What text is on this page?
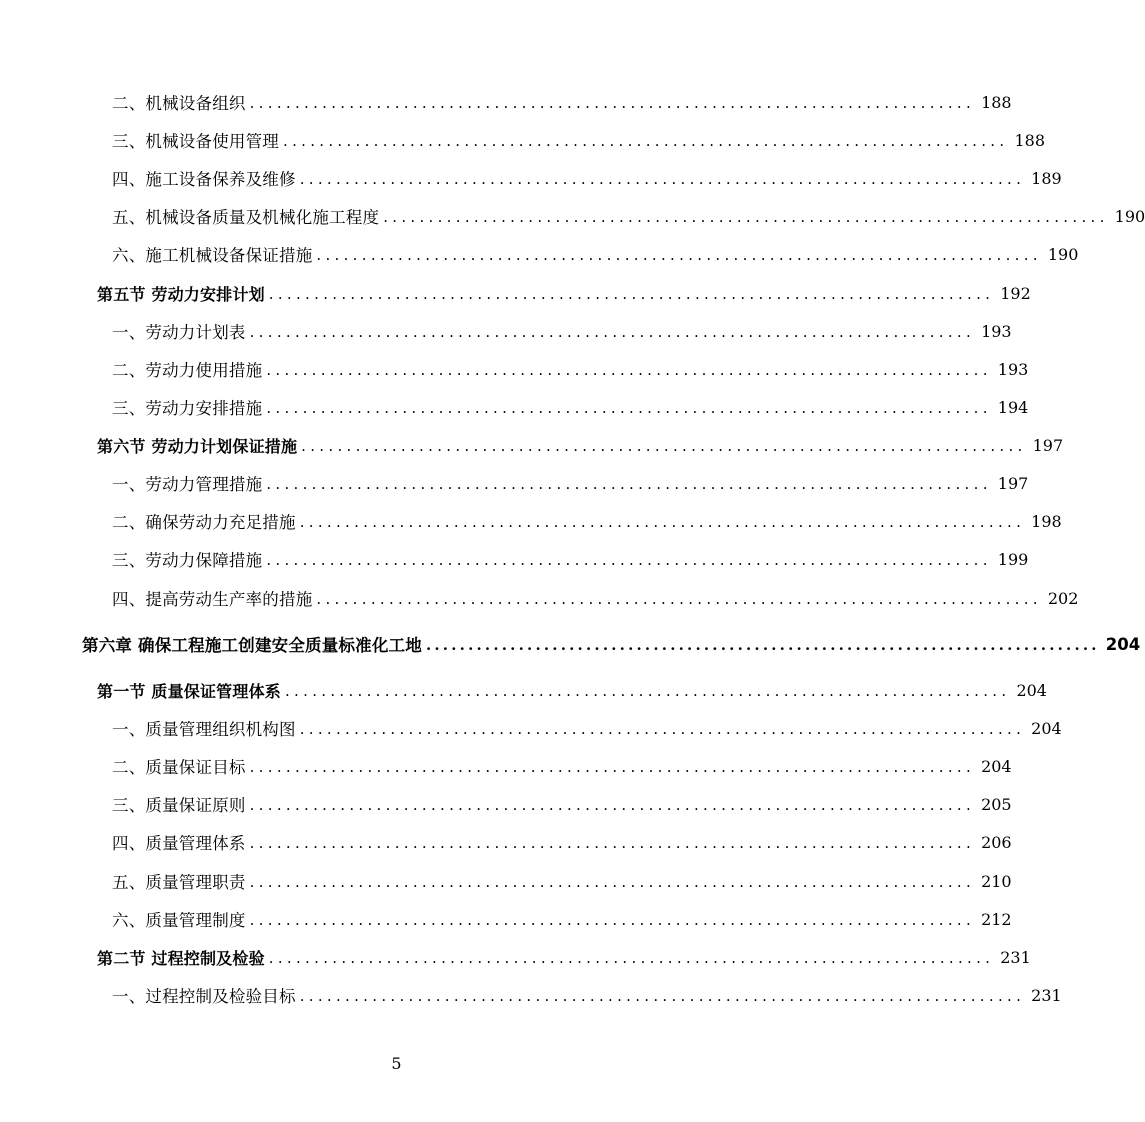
二、机械设备组织 ................................................................................ 188
三、机械设备使用管理 ................................................................................ 188
四、施工设备保养及维修 ................................................................................ 189
五、机械设备质量及机械化施工程度 ................................................................................ 190
六、施工机械设备保证措施 ................................................................................ 190
第五节 劳动力安排计划 ................................................................................ 192
一、劳动力计划表 ................................................................................ 193
二、劳动力使用措施 ................................................................................ 193
三、劳动力安排措施 ................................................................................ 194
第六节 劳动力计划保证措施 ................................................................................ 197
一、劳动力管理措施 ................................................................................ 197
二、确保劳动力充足措施 ................................................................................ 198
三、劳动力保障措施 ................................................................................ 199
四、提高劳动生产率的措施 ................................................................................ 202
第六章 确保工程施工创建安全质量标准化工地 ................................................................................ 204
第一节 质量保证管理体系 ................................................................................ 204
一、质量管理组织机构图 ................................................................................ 204
二、质量保证目标 ................................................................................ 204
三、质量保证原则 ................................................................................ 205
四、质量管理体系 ................................................................................ 206
五、质量管理职责 ................................................................................ 210
六、质量管理制度 ................................................................................ 212
第二节 过程控制及检验 ................................................................................ 231
一、过程控制及检验目标 ................................................................................ 231
5
